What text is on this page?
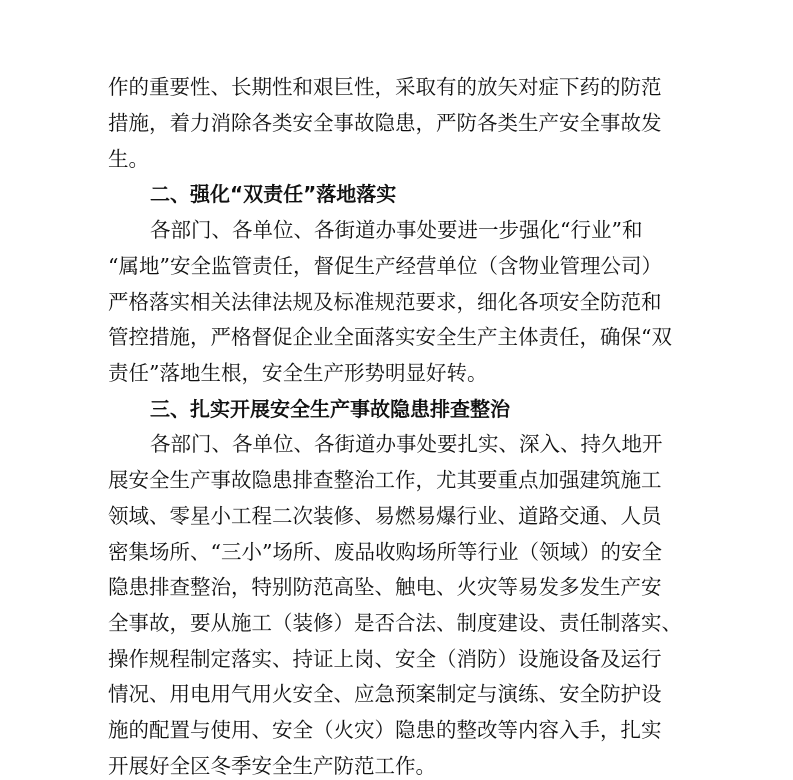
作的重要性、长期性和艰巨性，采取有的放矢对症下药的防范
措施，着力消除各类安全事故隐患，严防各类生产安全事故发
生。
二、强化“双责任”落地落实
各部门、各单位、各街道办事处要进一步强化“行业”和
“属地”安全监管责任，督促生产经营单位（含物业管理公司）
严格落实相关法律法规及标准规范要求，细化各项安全防范和
管控措施，严格督促企业全面落实安全生产主体责任，确保“双
责任”落地生根，安全生产形势明显好转。
三、扎实开展安全生产事故隐患排查整治
各部门、各单位、各街道办事处要扎实、深入、持久地开
展安全生产事故隐患排查整治工作，尤其要重点加强建筑施工
领域、零星小工程二次装修、易燃易爆行业、道路交通、人员
密集场所、“三小”场所、废品收购场所等行业（领域）的安全
隐患排查整治，特别防范高坠、触电、火灾等易发多发生产安
全事故，要从施工（装修）是否合法、制度建设、责任制落实、
操作规程制定落实、持证上岗、安全（消防）设施设备及运行
情况、用电用气用火安全、应急预案制定与演练、安全防护设
施的配置与使用、安全（火灾）隐患的整改等内容入手，扎实
开展好全区冬季安全生产防范工作。
